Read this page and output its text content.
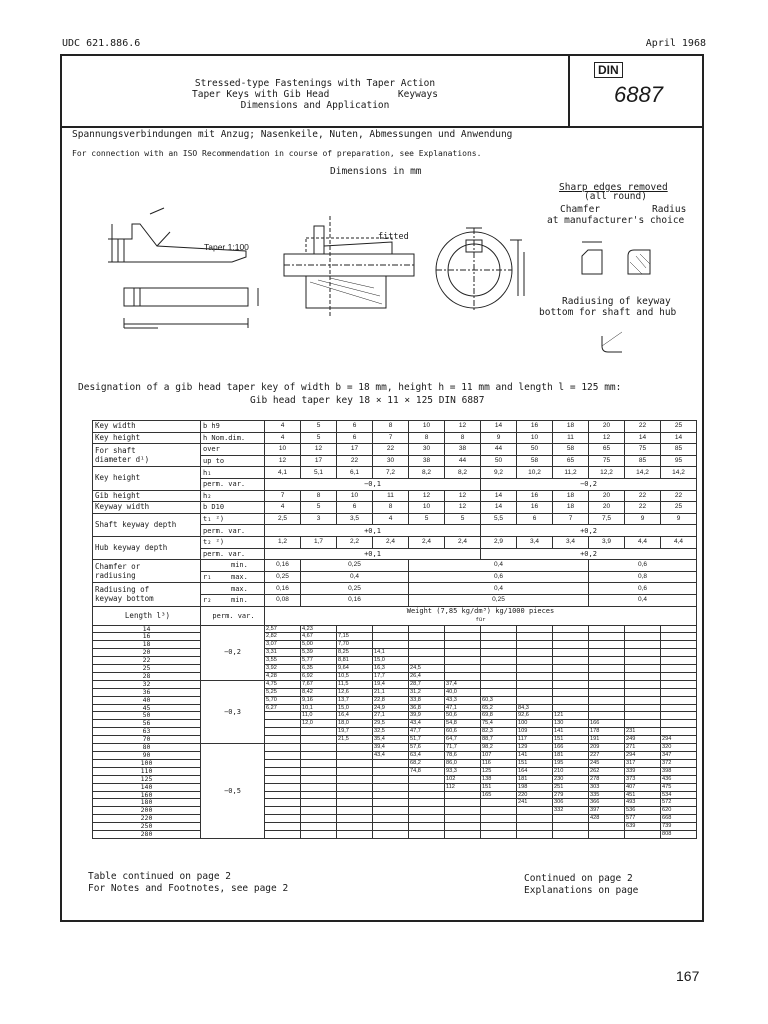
UDC 621.886.6	April 1968
Stressed-type Fastenings with Taper Action
Taper Keys with Gib Head            Keyways
Dimensions and Application
DIN
6887
Spannungsverbindungen mit Anzug; Nasenkeile, Nuten, Abmessungen und Anwendung
For connection with an ISO Recommendation in course of preparation, see Explanations.
Dimensions in mm
Sharp edges removed
(all round)
Chamfer	Radius
at manufacturer's choice
Radiusing of keyway
bottom for shaft and hub
Taper 1:100
fitted
Designation of a gib head taper key of width b = 18 mm, height h = 11 mm and length l = 125 mm:
Gib head taper key 18 × 11 × 125 DIN 6887
Key width	b h9	4	5	6	8	10	12	14	16	18	20	22	25
Key height	h Nom.dim.	4	5	6	7	8	8	9	10	11	12	14	14

For shaft
diameter d¹)	over	10	12	17	22	30	38	44	50	58	65	75	85
	up to	12	17	22	30	38	44	50	58	65	75	85	95
Key height	h₁	4,1	5,1	6,1	7,2	8,2	8,2	9,2	10,2	11,2	12,2	14,2	14,2
	perm. var.	−0,1						−0,2					
Gib height	h₂	7	8	10	11	12	12	14	16	18	20	22	22
Keyway width	b D10	4	5	6	8	10	12	14	16	18	20	22	25
Shaft keyway depth	t₁ ²)	2,5	3	3,5	4	5	5	5,5	6	7	7,5	9	9
	perm. var.	+0,1						+0,2					
Hub keyway depth	t₂ ²)	1,2	1,7	2,2	2,4	2,4	2,4	2,9	3,4	3,4	3,9	4,4	4,4
	perm. var.	+0,1						+0,2					

Chamfer or
radiusing	min.	0,16	0,25			0,4					0,6		
	r₁ max.	0,25	0,4			0,6					0,8		

Radiusing of
keyway bottom	max.	0,16	0,25			0,4					0,6		
	r₂ min.	0,08	0,16			0,25					0,4		
Length l³)	perm. var.	Weight (7,85 kg/dm³) kg/1000 pieces
für											

14	−0,2	2,57	4,23										
16		2,82	4,67	7,15									
18		3,07	5,00	7,70									
20		3,31	5,39	8,25	14,1								
22		3,55	5,77	8,81	15,0								
25		3,92	6,35	9,64	16,3	24,5							
28		4,28	6,92	10,5	17,7	26,4							
32	−0,3	4,75	7,67	11,5	19,4	28,7	37,4						
36		5,25	8,42	12,6	21,1	31,2	40,0						
40		5,70	9,16	13,7	22,8	33,8	43,3	60,3					
45		6,27	10,1	15,0	24,9	36,8	47,1	65,2	84,3				
50			11,0	16,4	27,1	39,9	50,6	69,8	92,6	121			
56			12,0	18,0	29,5	43,4	54,8	75,4	100	130	166		
63				19,7	32,5	47,7	60,6	82,3	109	141	178	231	
70				21,5	35,4	51,7	64,7	88,7	117	151	191	249	294
80	−0,5				39,4	57,6	71,7	98,2	129	166	209	271	320
90					43,4	63,4	78,6	107	141	181	227	294	347
100						68,2	86,0	116	151	195	245	317	372
110						74,8	93,3	125	164	210	262	339	398
125							102	138	181	230	278	373	436
140							112	151	198	251	303	407	475
160								165	220	279	335	451	534
180									241	306	366	493	572
200										332	397	536	620
220											428	577	668
250												639	739
280													808
Table continued on page 2
For Notes and Footnotes, see page 2
Continued on page 2
Explanations on page
167
